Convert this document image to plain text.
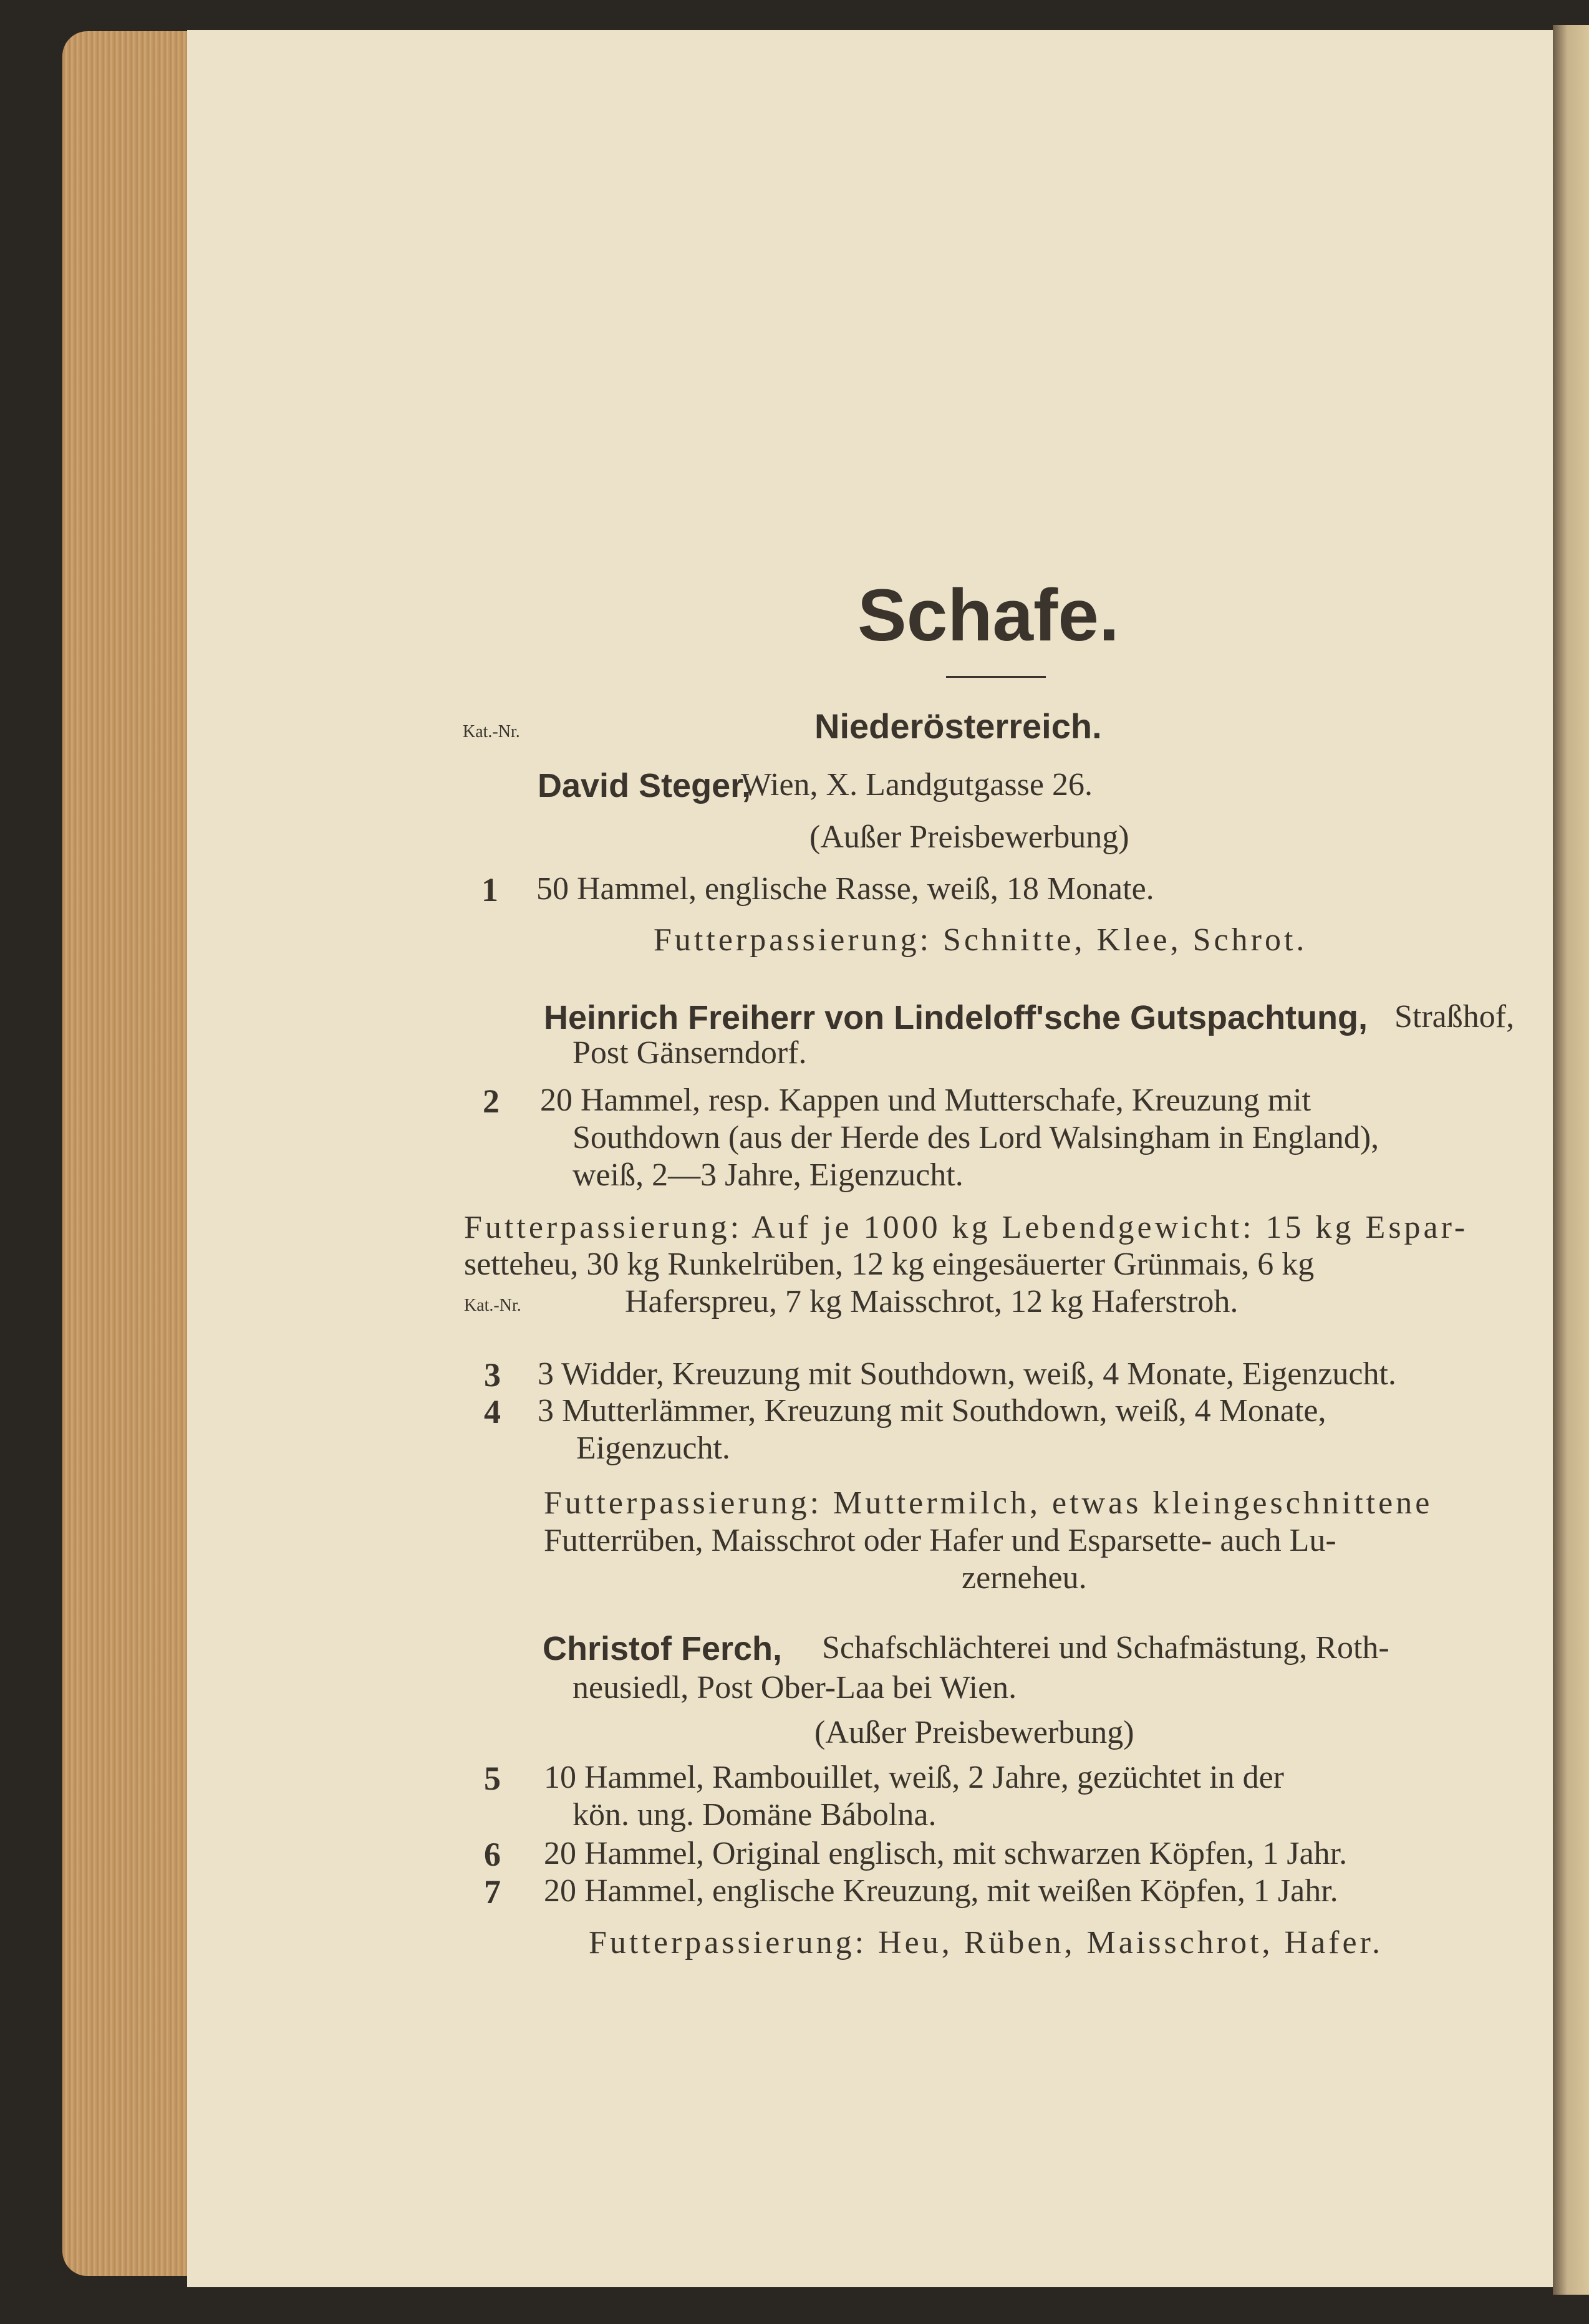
Schafe.
Kat.-Nr.	Niederösterreich.
David Steger,
Wien, X. Landgutgasse 26.
(Außer Preisbewerbung)
1 50 Hammel, englische Rasse, weiß, 18 Monate.
Futterpassierung: Schnitte, Klee, Schrot.
Heinrich Freiherr von Lindeloff'sche Gutspachtung, Straßhof,
Post Gänserndorf.
2 20 Hammel, resp. Kappen und Mutterschafe, Kreuzung mit
Southdown (aus der Herde des Lord Walsingham in England),
weiß, 2—3 Jahre, Eigenzucht.
Futterpassierung: Auf je 1000 kg Lebendgewicht: 15 kg Espar-
setteheu, 30 kg Runkelrüben, 12 kg eingesäuerter Grünmais, 6 kg
Kat.-Nr.	Haferspreu, 7 kg Maisschrot, 12 kg Haferstroh.
3 3 Widder, Kreuzung mit Southdown, weiß, 4 Monate, Eigenzucht.
4 3 Mutterlämmer, Kreuzung mit Southdown, weiß, 4 Monate,
Eigenzucht.
Futterpassierung: Muttermilch, etwas kleingeschnittene
Futterrüben, Maisschrot oder Hafer und Esparsette- auch Lu-
zerneheu.
Christof Ferch, Schafschlächterei und Schafmästung, Roth-
neusiedl, Post Ober-Laa bei Wien.
(Außer Preisbewerbung)
5 10 Hammel, Rambouillet, weiß, 2 Jahre, gezüchtet in der
kön. ung. Domäne Bábolna.
6 20 Hammel, Original englisch, mit schwarzen Köpfen, 1 Jahr.
7 20 Hammel, englische Kreuzung, mit weißen Köpfen, 1 Jahr.
Futterpassierung: Heu, Rüben, Maisschrot, Hafer.
